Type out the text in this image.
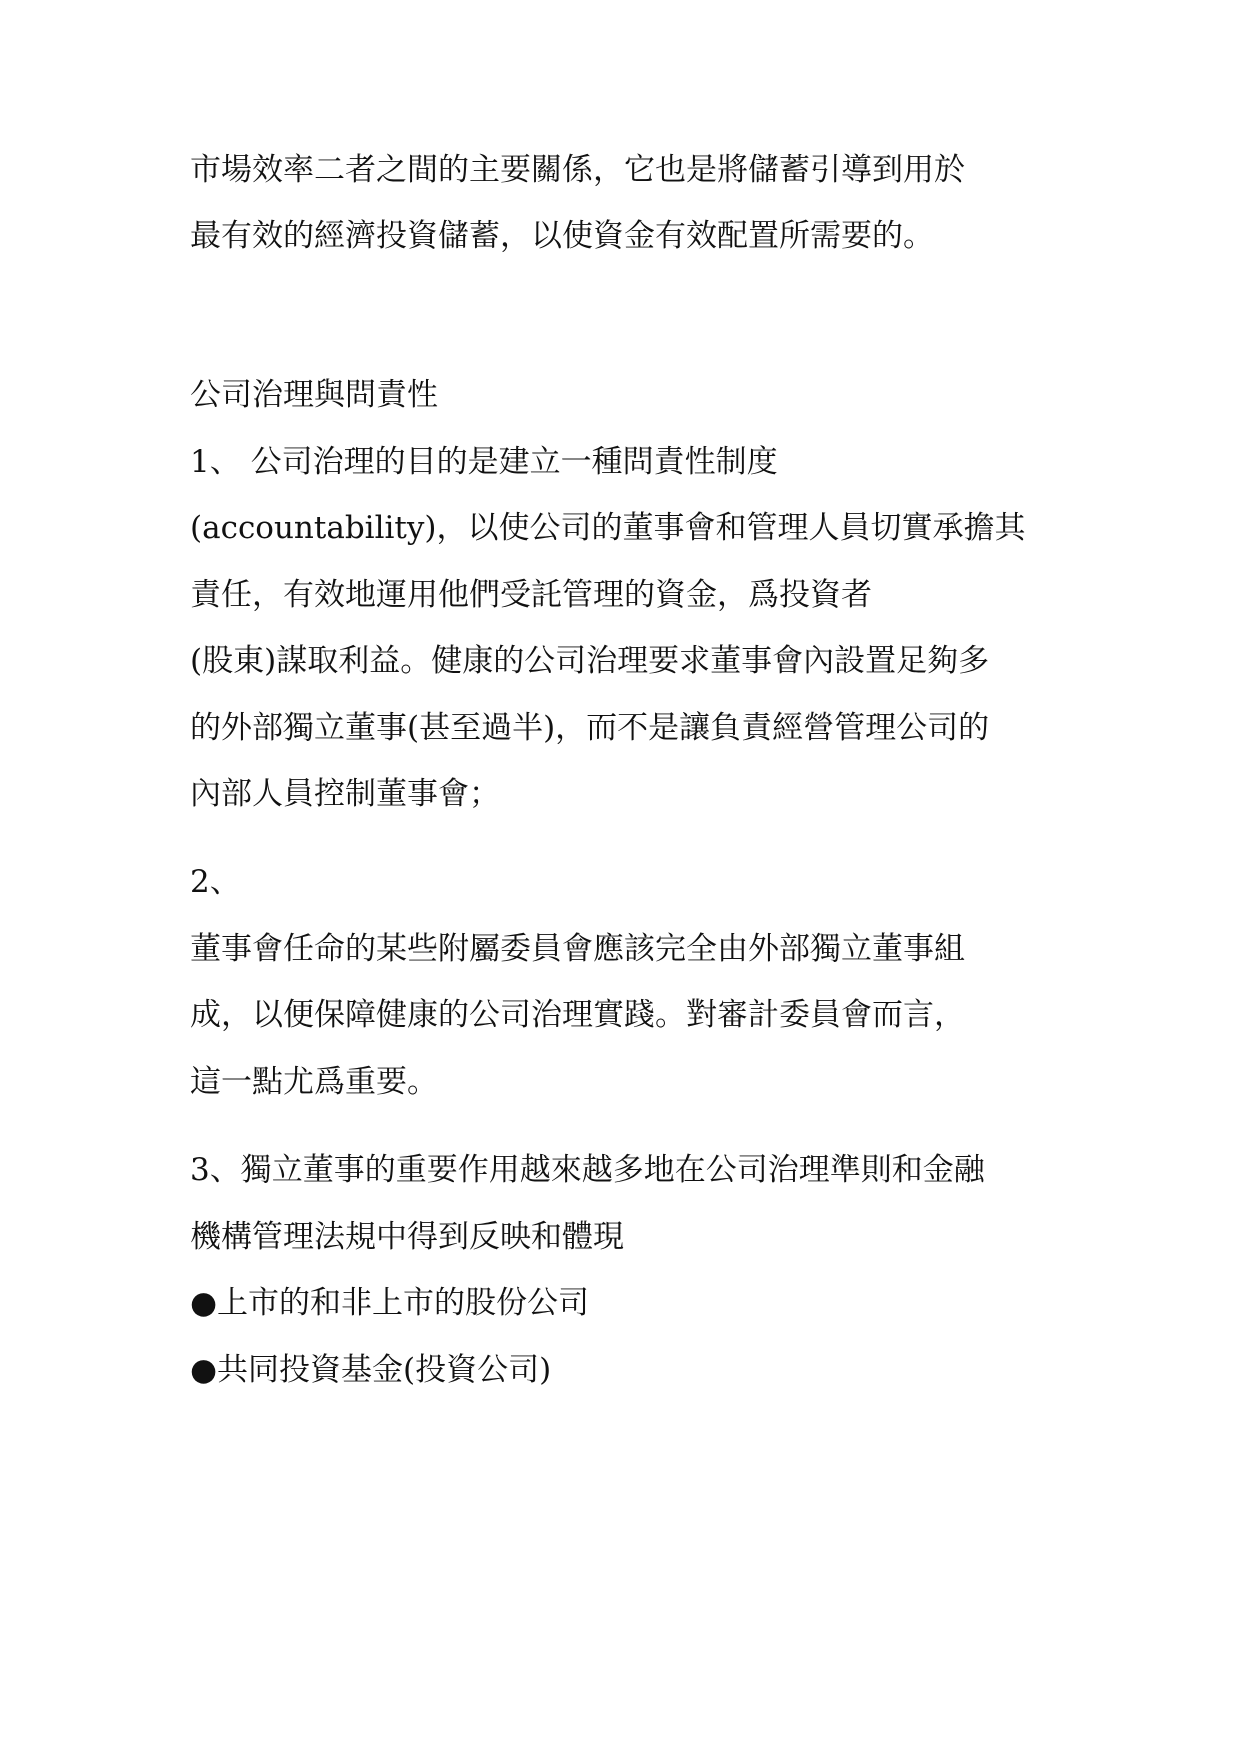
市場效率二者之間的主要關係，它也是將儲蓄引導到用於
最有效的經濟投資儲蓄，以使資金有效配置所需要的。
公司治理與問責性
1、 公司治理的目的是建立一種問責性制度
(accountability)，以使公司的董事會和管理人員切實承擔其
責任，有效地運用他們受託管理的資金，爲投資者
(股東)謀取利益。健康的公司治理要求董事會內設置足夠多
的外部獨立董事(甚至過半)，而不是讓負責經營管理公司的
內部人員控制董事會；
2、
董事會任命的某些附屬委員會應該完全由外部獨立董事組
成，以便保障健康的公司治理實踐。對審計委員會而言，
這一點尤爲重要。
3、獨立董事的重要作用越來越多地在公司治理準則和金融
機構管理法規中得到反映和體現
●上市的和非上市的股份公司
●共同投資基金(投資公司)
